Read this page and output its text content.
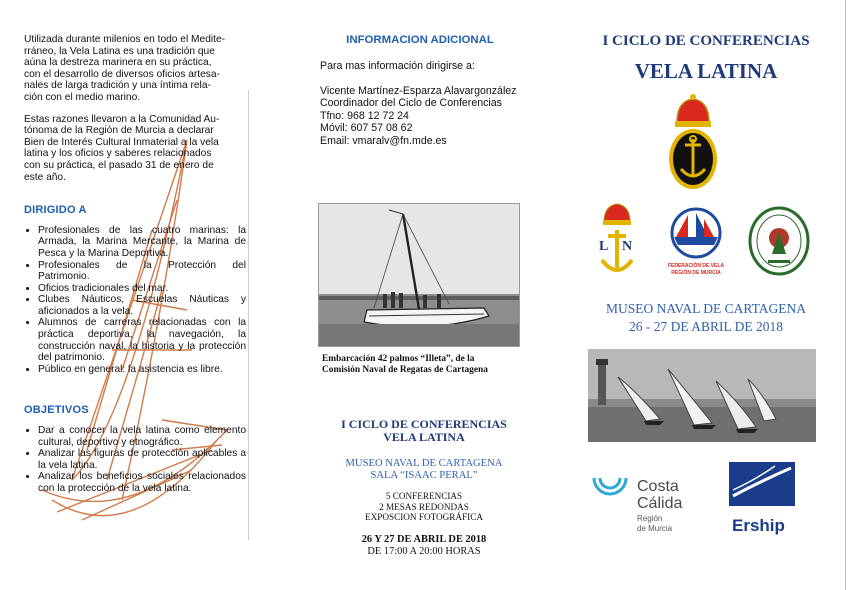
Utilizada durante milenios en todo el Medite-
rráneo, la Vela Latina es una tradición que
aúna la destreza marinera en su práctica,
con el desarrollo de diversos oficios artesa-
nales de larga tradición y una íntima rela-
ción con el medio marino.

Estas razones llevaron a la Comunidad Au-
tónoma de la Región de Murcia a declarar
Bien de Interés Cultural Inmaterial a la vela
latina y los oficios y saberes relacionados
con su práctica, el pasado 31 de enero de
este año.

DIRIGIDO A
• Profesionales de las cuatro marinas: la Armada, la Marina Mercante, la Marina de Pesca y la Marina Deportiva.
• Profesionales de la Protección del Patrimonio.
• Oficios tradicionales del mar.
• Clubes Náuticos, Escuelas Náuticas y aficionados a la vela.
• Alumnos de carreras relacionadas con la práctica deportiva, la navegación, la construcción naval, la historia y la protección del patrimonio.
• Público en general: la asistencia es libre.
OBJETIVOS
• Dar a conocer la vela latina como elemento cultural, deportivo y etnográfico.
• Analizar las figuras de protección aplicables a la vela latina.
• Analizar los beneficios sociales relacionados con la protección de la vela latina.
INFORMACION ADICIONAL
Para mas información dirigirse a:
Vicente Martínez-Esparza Alavargonzález
Coordinador del Ciclo de Conferencias
Tfno: 968 12 72 24
Móvil: 607 57 08 62
Email: vmaralv@fn.mde.es
Embarcación 42 palmos “Illeta”, de la
Comisión Naval de Regatas de Cartagena
I CICLO DE CONFERENCIAS
VELA LATINA
MUSEO NAVAL DE CARTAGENA
SALA “ISAAC PERAL”
5 CONFERENCIAS
2 MESAS REDONDAS
EXPOSCION FOTOGRÁFICA
26 Y 27 DE ABRIL DE 2018
DE 17:00 A 20:00 HORAS
I CICLO DE CONFERENCIAS
VELA LATINA
L N
FEDERACIÓN DE VELA
REGIÓN DE MURCIA
MUSEO NAVAL DE CARTAGENA
26 - 27 DE ABRIL DE 2018
Costa
Cálida
Región
de Murcia	Ership
